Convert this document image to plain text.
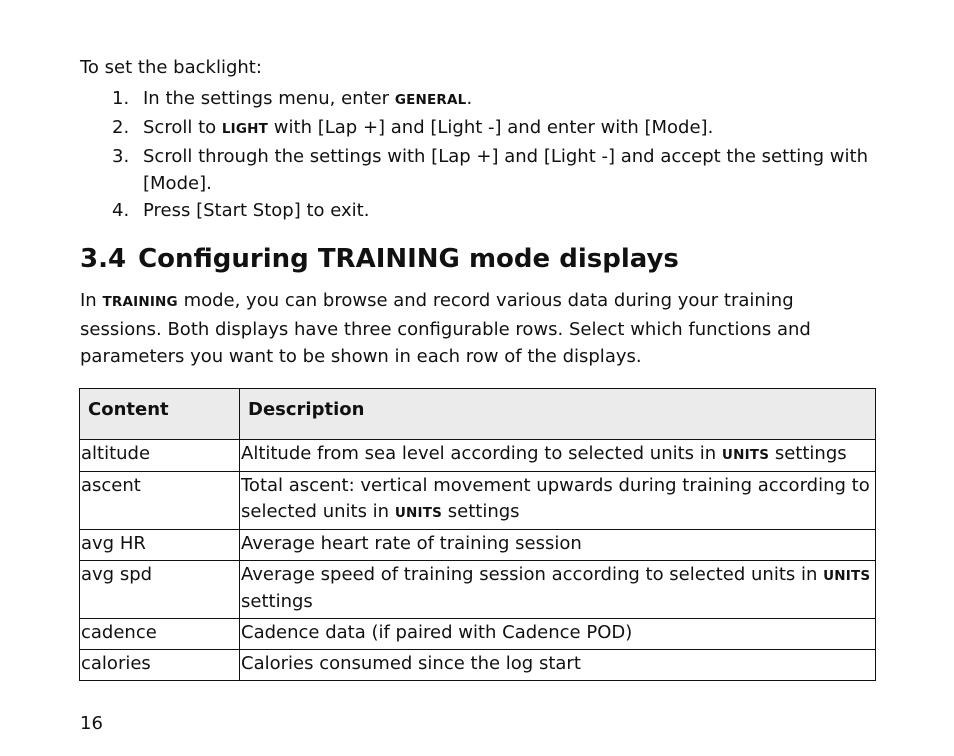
To set the backlight:
1. In the settings menu, enter GENERAL.
2. Scroll to LIGHT with [Lap +] and [Light -] and enter with [Mode].
3. Scroll through the settings with [Lap +] and [Light -] and accept the setting with [Mode].
4. Press [Start Stop] to exit.
3.4 Configuring TRAINING mode displays

In TRAINING mode, you can browse and record various data during your training sessions. Both displays have three configurable rows. Select which functions and parameters you want to be shown in each row of the displays.

Content	Description
altitude	Altitude from sea level according to selected units in UNITS settings
ascent	Total ascent: vertical movement upwards during training according to selected units in UNITS settings
avg HR	Average heart rate of training session
avg spd	Average speed of training session according to selected units in UNITS settings
cadence	Cadence data (if paired with Cadence POD)
calories	Calories consumed since the log start
16
